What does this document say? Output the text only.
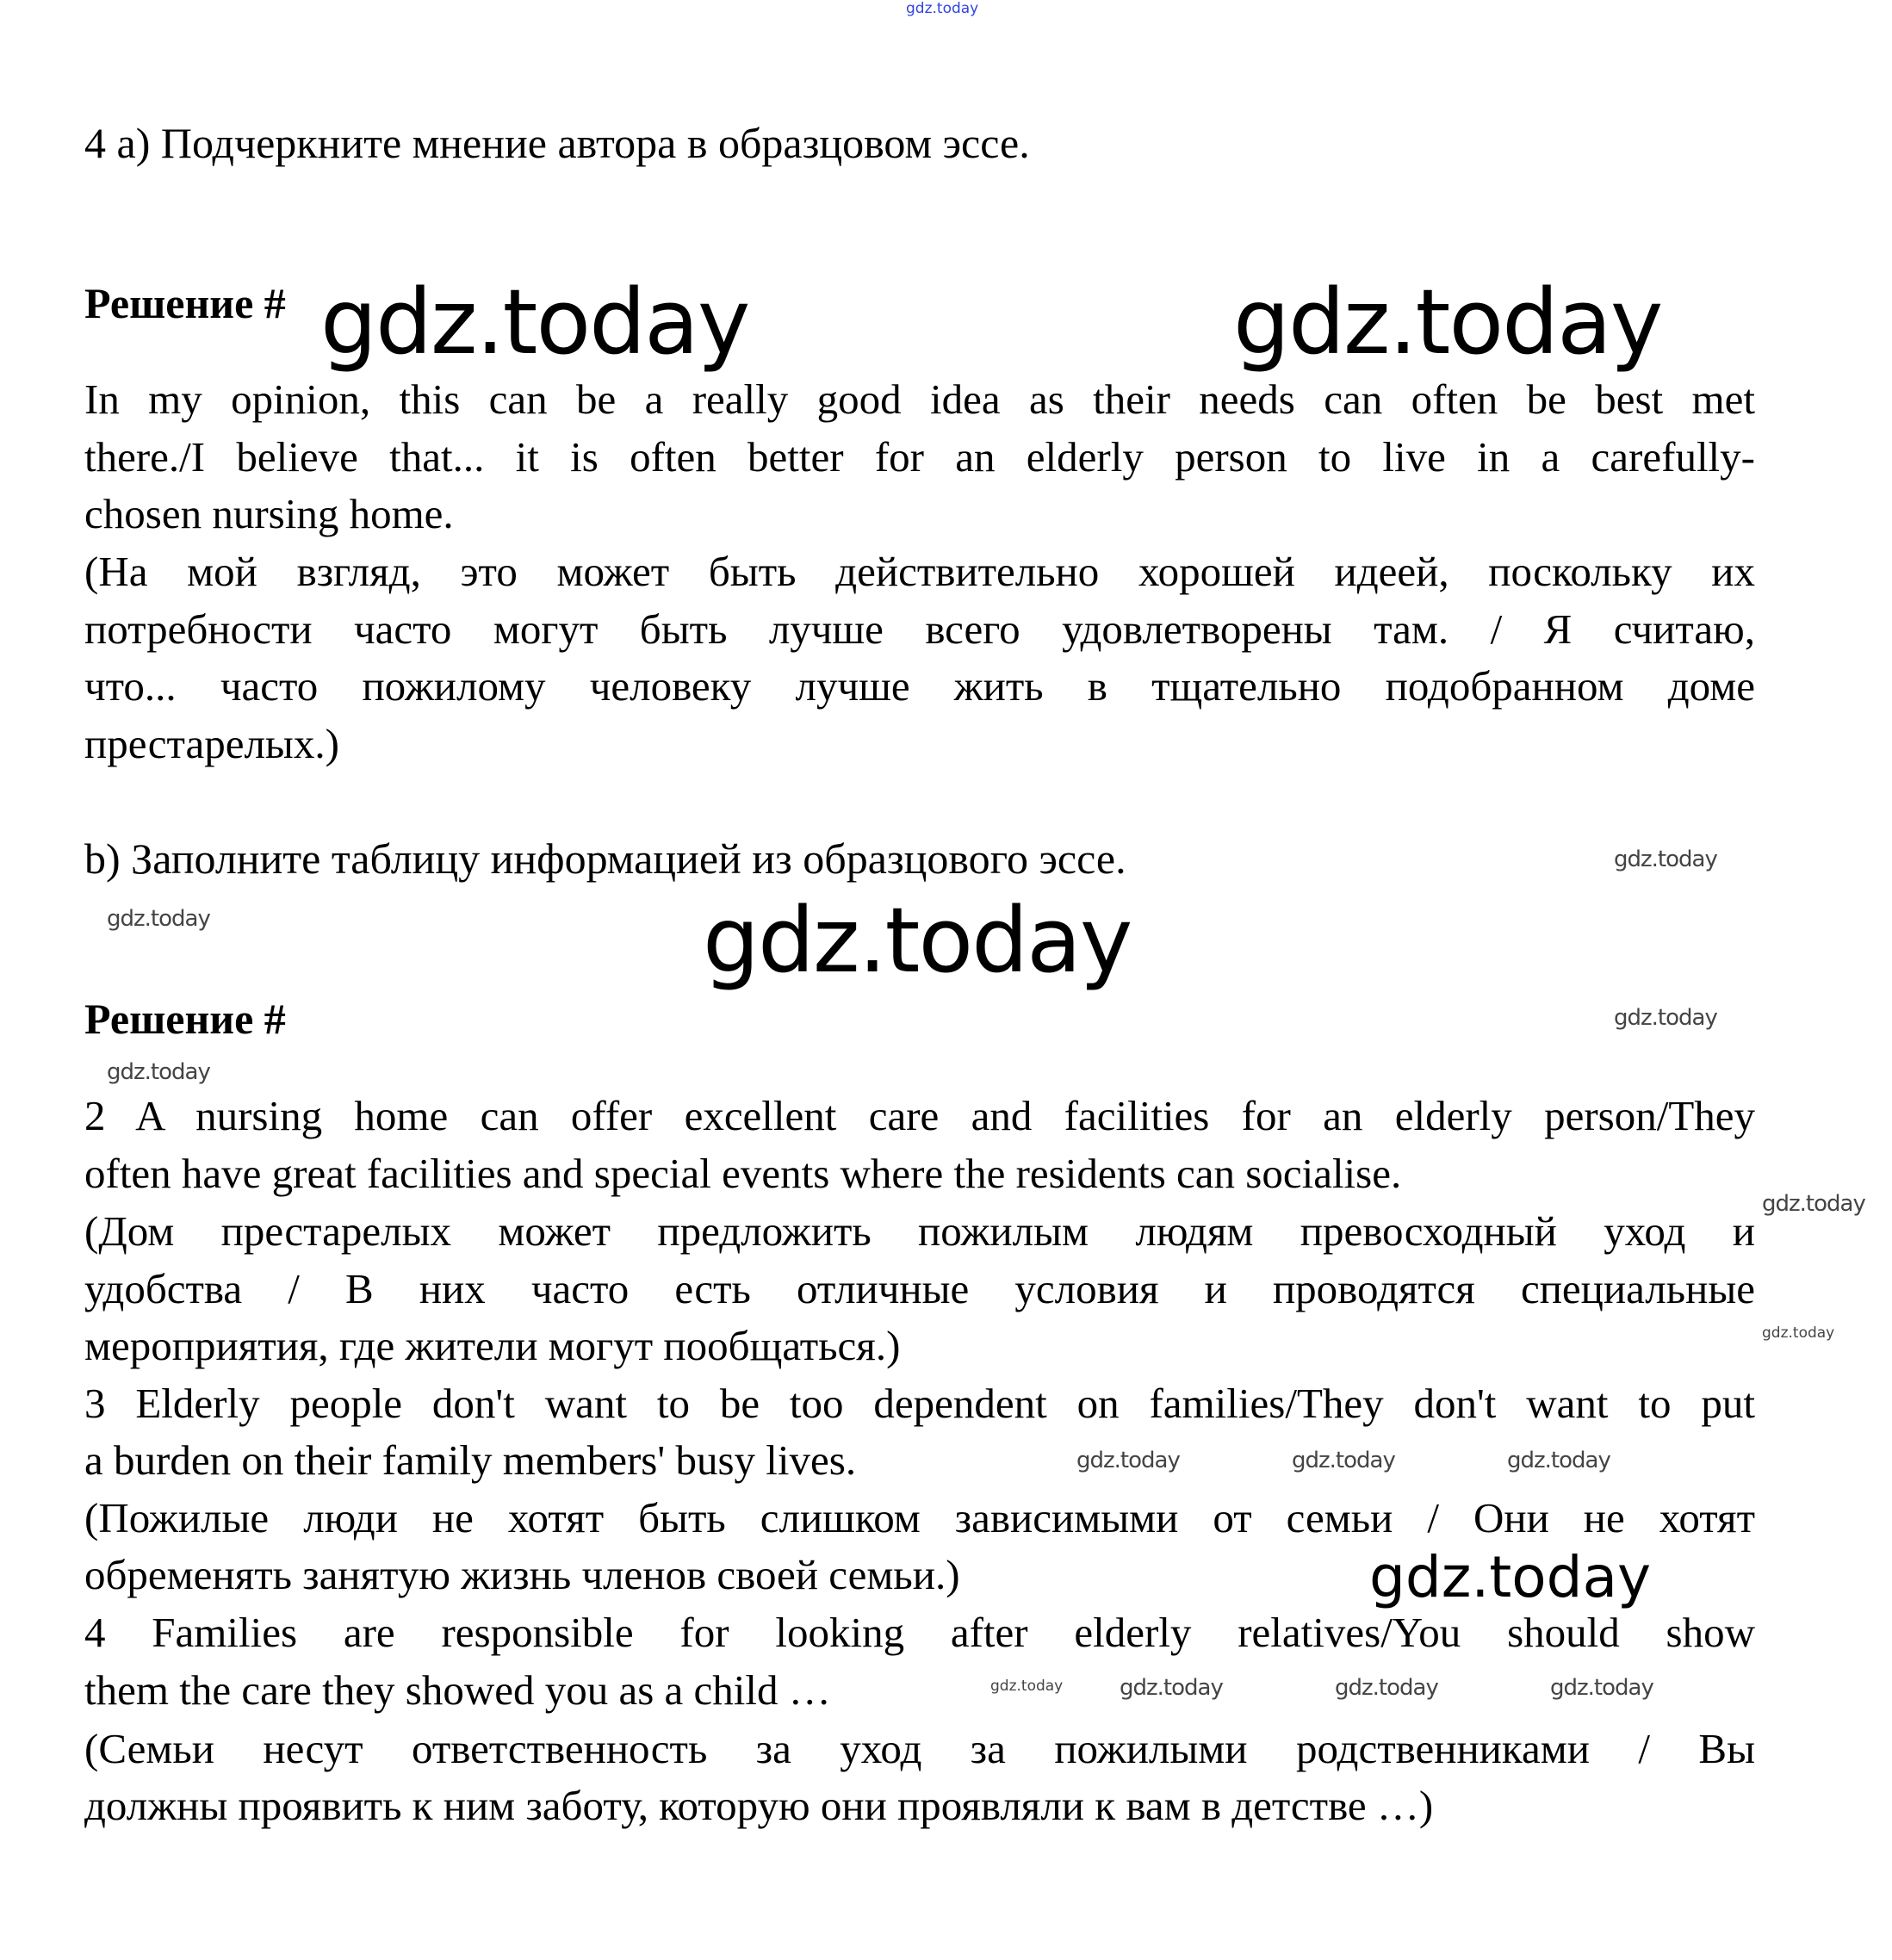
gdz.today
gdz.today	gdz.today
gdz.today
gdz.today	gdz.today
gdz.today
gdz.today
gdz.today
gdz.today
gdz.today	gdz.today	gdz.today
gdz.today
gdz.today	gdz.today	gdz.today	gdz.today
4 a) Подчеркните мнение автора в образцовом эссе.
Решение #
In my opinion, this can be a really good idea as their needs can often be best met
there./I believe that... it is often better for an elderly person to live in a carefully-
chosen nursing home.
(На мой взгляд, это может быть действительно хорошей идеей, поскольку их
потребности часто могут быть лучше всего удовлетворены там. / Я считаю,
что... часто пожилому человеку лучше жить в тщательно подобранном доме
престарелых.)
b) Заполните таблицу информацией из образцового эссе.
Решение #
2 A nursing home can offer excellent care and facilities for an elderly person/They
often have great facilities and special events where the residents can socialise.
(Дом престарелых может предложить пожилым людям превосходный уход и
удобства / В них часто есть отличные условия и проводятся специальные
мероприятия, где жители могут пообщаться.)
3 Elderly people don't want to be too dependent on families/They don't want to put
a burden on their family members' busy lives.
(Пожилые люди не хотят быть слишком зависимыми от семьи / Они не хотят
обременять занятую жизнь членов своей семьи.)
4 Families are responsible for looking after elderly relatives/You should show
them the care they showed you as a child …
(Семьи несут ответственность за уход за пожилыми родственниками / Вы
должны проявить к ним заботу, которую они проявляли к вам в детстве …)
